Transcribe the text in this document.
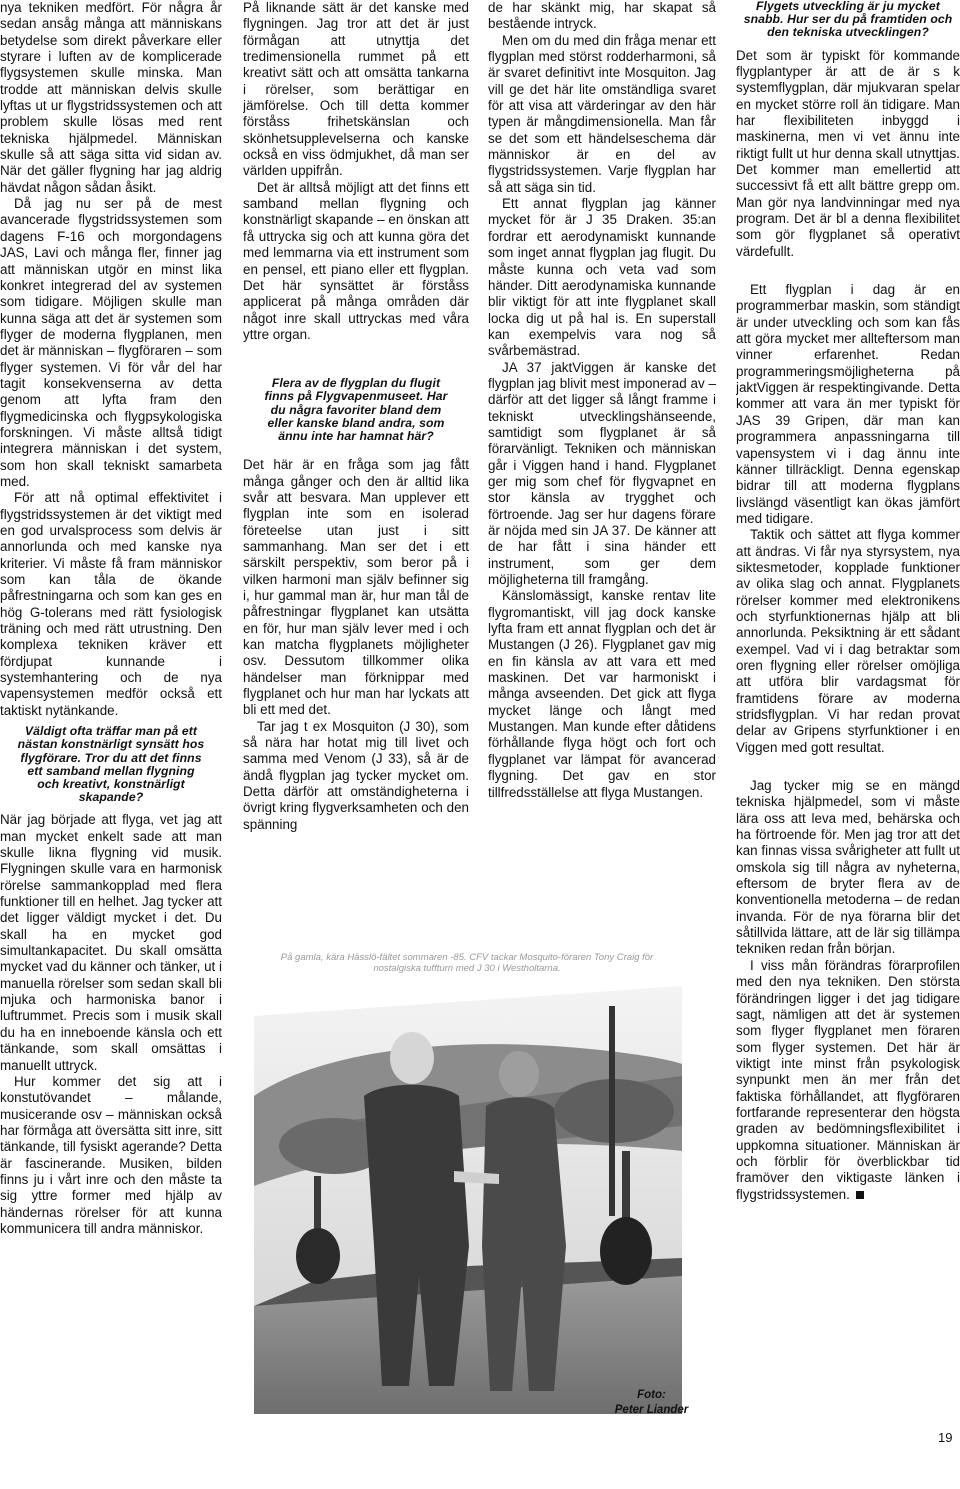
nya tekniken medfört. För några år sedan ansåg många att människans betydelse som direkt påverkare eller styrare i luften av de komplicerade flygsystemen skulle minska. Man trodde att människan delvis skulle lyftas ut ur flygstridssystemen och att problem skulle lösas med rent tekniska hjälpmedel. Människan skulle så att säga sitta vid sidan av. När det gäller flygning har jag aldrig hävdat någon sådan åsikt.

Då jag nu ser på de mest avancerade flygstridssystemen som dagens F-16 och morgondagens JAS, Lavi och många fler, finner jag att människan utgör en minst lika konkret integrerad del av systemen som tidigare. Möjligen skulle man kunna säga att det är systemen som flyger de moderna flygplanen, men det är människan – flygföraren – som flyger systemen. Vi för vår del har tagit konsekvenserna av detta genom att lyfta fram den flygmedicinska och flygpsykologiska forskningen. Vi måste alltså tidigt integrera människan i det system, som hon skall tekniskt samarbeta med.

För att nå optimal effektivitet i flygstridssystemen är det viktigt med en god urvalsprocess som delvis är annorlunda och med kanske nya kriterier. Vi måste få fram människor som kan tåla de ökande påfrestningarna och som kan ges en hög G-tolerans med rätt fysiologisk träning och med rätt utrustning. Den komplexa tekniken kräver ett fördjupat kunnande i systemhantering och de nya vapensystemen medför också ett taktiskt nytänkande.

Väldigt ofta träffar man på ett nästan konstnärligt synsätt hos flygförare. Tror du att det finns ett samband mellan flygning och kreativt, konstnärligt skapande?

När jag började att flyga, vet jag att man mycket enkelt sade att man skulle likna flygning vid musik. Flygningen skulle vara en harmonisk rörelse sammankopplad med flera funktioner till en helhet. Jag tycker att det ligger väldigt mycket i det. Du skall ha en mycket god simultankapacitet. Du skall omsätta mycket vad du känner och tänker, ut i manuella rörelser som sedan skall bli mjuka och harmoniska banor i luftrummet. Precis som i musik skall du ha en inneboende känsla och ett tänkande, som skall omsättas i manuellt uttryck.

Hur kommer det sig att i konstutövandet – målande, musicerande osv – människan också har förmåga att översätta sitt inre, sitt tänkande, till fysiskt agerande? Detta är fascinerande. Musiken, bilden finns ju i vårt inre och den måste ta sig yttre former med hjälp av händernas rörelser för att kunna kommunicera till andra människor.

På liknande sätt är det kanske med flygningen. Jag tror att det är just förmågan att utnyttja det tredimensionella rummet på ett kreativt sätt och att omsätta tankarna i rörelser, som berättigar en jämförelse. Och till detta kommer förståss frihetskänslan och skönhetsupplevelserna och kanske också en viss ödmjukhet, då man ser världen uppifrån.

Det är alltså möjligt att det finns ett samband mellan flygning och konstnärligt skapande – en önskan att få uttrycka sig och att kunna göra det med lemmarna via ett instrument som en pensel, ett piano eller ett flygplan. Det här synsättet är förståss applicerat på många områden där något inre skall uttryckas med våra yttre organ.

Flera av de flygplan du flugit finns på Flygvapenmuseet. Har du några favoriter bland dem eller kanske bland andra, som ännu inte har hamnat här?

Det här är en fråga som jag fått många gånger och den är alltid lika svår att besvara. Man upplever ett flygplan inte som en isolerad företeelse utan just i sitt sammanhang. Man ser det i ett särskilt perspektiv, som beror på i vilken harmoni man själv befinner sig i, hur gammal man är, hur man tål de påfrestningar flygplanet kan utsätta en för, hur man själv lever med i och kan matcha flygplanets möjligheter osv. Dessutom tillkommer olika händelser man förknippar med flygplanet och hur man har lyckats att bli ett med det.

Tar jag t ex Mosquiton (J 30), som så nära har hotat mig till livet och samma med Venom (J 33), så är de ändå flygplan jag tycker mycket om. Detta därför att omständigheterna i övrigt kring flygverksamheten och den spänning

de har skänkt mig, har skapat så bestående intryck.

Men om du med din fråga menar ett flygplan med störst rodderharmoni, så är svaret definitivt inte Mosquiton. Jag vill ge det här lite omständliga svaret för att visa att värderingar av den här typen är mångdimensionella. Man får se det som ett händelseschema där människor är en del av flygstridssystemen. Varje flygplan har så att säga sin tid.

Ett annat flygplan jag känner mycket för är J 35 Draken. 35:an fordrar ett aerodynamiskt kunnande som inget annat flygplan jag flugit. Du måste kunna och veta vad som händer. Ditt aerodynamiska kunnande blir viktigt för att inte flygplanet skall locka dig ut på hal is. En superstall kan exempelvis vara nog så svårbemästrad.

JA 37 jaktViggen är kanske det flygplan jag blivit mest imponerad av – därför att det ligger så långt framme i tekniskt utvecklingshänseende, samtidigt som flygplanet är så förarvänligt. Tekniken och människan går i Viggen hand i hand. Flygplanet ger mig som chef för flygvapnet en stor känsla av trygghet och förtroende. Jag ser hur dagens förare är nöjda med sin JA 37. De känner att de har fått i sina händer ett instrument, som ger dem möjligheterna till framgång.

Känslomässigt, kanske rentav lite flygromantiskt, vill jag dock kanske lyfta fram ett annat flygplan och det är Mustangen (J 26). Flygplanet gav mig en fin känsla av att vara ett med maskinen. Det var harmoniskt i många avseenden. Det gick att flyga mycket länge och långt med Mustangen. Man kunde efter dåtidens förhållande flyga högt och fort och flygplanet var lämpat för avancerad flygning. Det gav en stor tillfredsställelse att flyga Mustangen.

Flygets utveckling är ju mycket snabb. Hur ser du på framtiden och den tekniska utvecklingen?

Det som är typiskt för kommande flygplantyper är att de är s k systemflygplan, där mjukvaran spelar en mycket större roll än tidigare. Man har flexibiliteten inbyggd i maskinerna, men vi vet ännu inte riktigt fullt ut hur denna skall utnyttjas. Det kommer man emellertid att successivt få ett allt bättre grepp om. Man gör nya landvinningar med nya program. Det är bl a denna flexibilitet som gör flygplanet så operativt värdefullt.

Ett flygplan i dag är en programmerbar maskin, som ständigt är under utveckling och som kan fås att göra mycket mer allteftersom man vinner erfarenhet. Redan programmeringsmöjligheterna på jaktViggen är respektingivande. Detta kommer att vara än mer typiskt för JAS 39 Gripen, där man kan programmera anpassningarna till vapensystem vi i dag ännu inte känner tillräckligt. Denna egenskap bidrar till att moderna flygplans livslängd väsentligt kan ökas jämfört med tidigare.

Taktik och sättet att flyga kommer att ändras. Vi får nya styrsystem, nya siktesmetoder, kopplade funktioner av olika slag och annat. Flygplanets rörelser kommer med elektronikens och styrfunktionernas hjälp att bli annorlunda. Peksiktning är ett sådant exempel. Vad vi i dag betraktar som oren flygning eller rörelser omöjliga att utföra blir vardagsmat för framtidens förare av moderna stridsflygplan. Vi har redan provat delar av Gripens styrfunktioner i en Viggen med gott resultat.

Jag tycker mig se en mängd tekniska hjälpmedel, som vi måste lära oss att leva med, behärska och ha förtroende för. Men jag tror att det kan finnas vissa svårigheter att fullt ut omskola sig till några av nyheterna, eftersom de bryter flera av de konventionella metoderna – de redan invanda. För de nya förarna blir det såtillvida lättare, att de lär sig tillämpa tekniken redan från början.

I viss mån förändras förarprofilen med den nya tekniken. Den största förändringen ligger i det jag tidigare sagt, nämligen att det är systemen som flyger flygplanet men föraren som flyger systemen. Det här är viktigt inte minst från psykologisk synpunkt men än mer från det faktiska förhållandet, att flygföraren fortfarande representerar den högsta graden av bedömningsflexibilitet i uppkomna situationer. Människan är och förblir för överblickbar tid framöver den viktigaste länken i flygstridssystemen.

På gamla, kära Hässlö-fältet sommaren -85. CFV tackar Mosquito-föraren Tony Craig för nostalgiska tuffturn med J 30 i Westholtarna.
Foto:
Peter Liander
19
